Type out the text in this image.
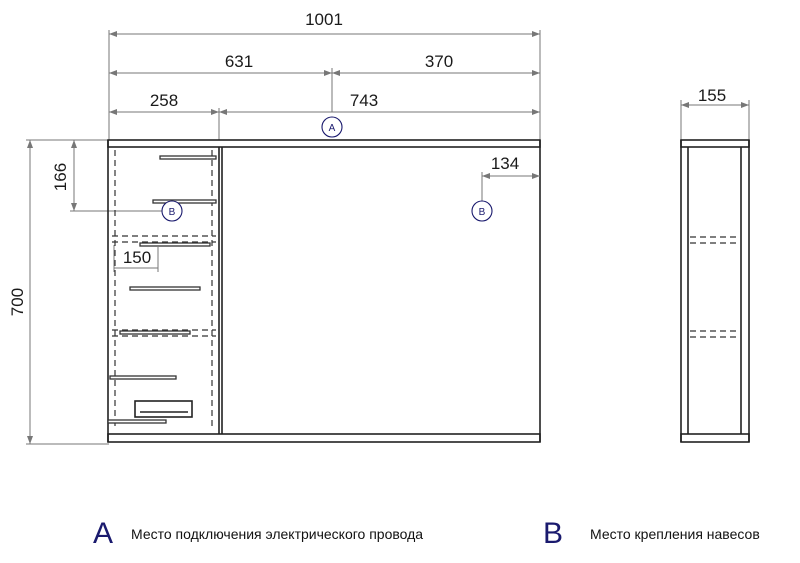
1001
631	370
258	743
700
166
150
134
A
B	B
155
A Место подключения электрического провода	B Место крепления навесов
